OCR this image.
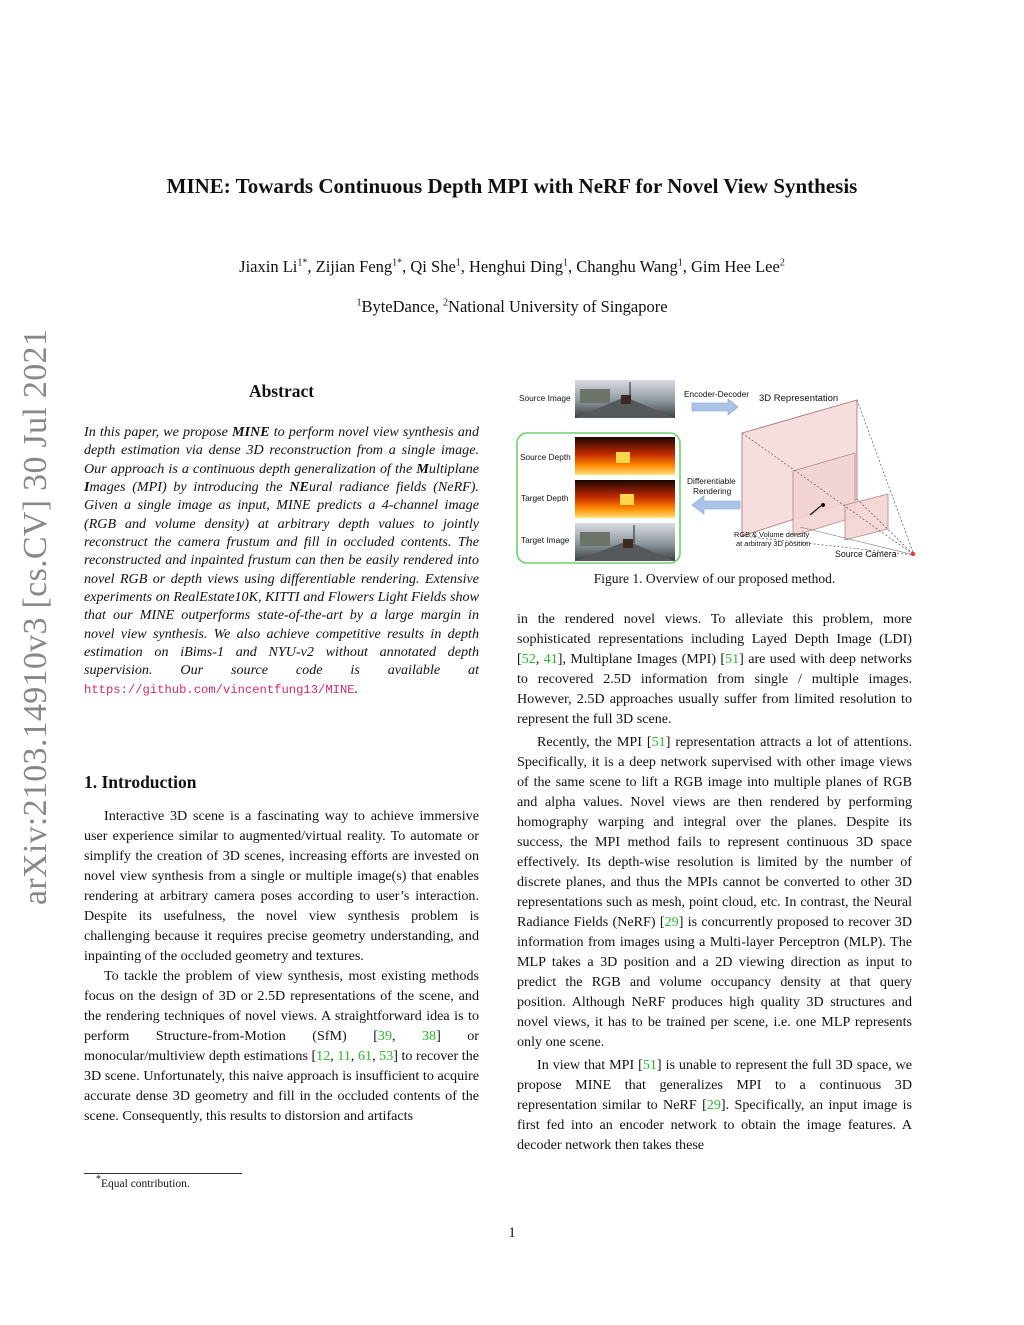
arXiv:2103.14910v3 [cs.CV] 30 Jul 2021
MINE: Towards Continuous Depth MPI with NeRF for Novel View Synthesis
Jiaxin $Li^{1*}$, Zijian Feng$^{1*}$, Qi She$^1$, Henghui Ding$^1$, Changhu Wang$^1$, Gim Hee Lee$^2$
$^1$ByteDance, $^2$National University of Singapore
Abstract
In this paper, we propose MINE to perform novel view synthesis and depth estimation via dense 3D reconstruction from a single image. Our approach is a continuous depth generalization of the Multiplane Images (MPI) by introducing the NEural radiance fields (NeRF). Given a single image as input, MINE predicts a 4-channel image (RGB and volume density) at arbitrary depth values to jointly reconstruct the camera frustum and fill in occluded contents. The reconstructed and inpainted frustum can then be easily rendered into novel RGB or depth views using differentiable rendering. Extensive experiments on RealEstate10K, KITTI and Flowers Light Fields show that our MINE outperforms state-of-the-art by a large margin in novel view synthesis. We also achieve competitive results in depth estimation on iBims-1 and NYU-v2 without annotated depth supervision. Our source code is available at https://github.com/vincentfung13/MINE.
1. Introduction

Interactive 3D scene is a fascinating way to achieve immersive user experience similar to augmented/virtual reality. To automate or simplify the creation of 3D scenes, increasing efforts are invested on novel view synthesis from a single or multiple image(s) that enables rendering at arbitrary camera poses according to user’s interaction. Despite its usefulness, the novel view synthesis problem is challenging because it requires precise geometry understanding, and inpainting of the occluded geometry and textures.

To tackle the problem of view synthesis, most existing methods focus on the design of 3D or 2.5D representations of the scene, and the rendering techniques of novel views. A straightforward idea is to perform Structure-from-Motion (SfM) [39, 38] or monocular/multiview depth estimations [12, 11, 61, 53] to recover the 3D scene. Unfortunately, this naive approach is insufficient to acquire accurate dense 3D geometry and fill in the occluded contents of the scene. Consequently, this results to distorsion and artifacts

*Equal contribution.
Source Image	Encoder-Decoder 3D Representation
Source Depth
Target Depth
Target Image
Differentiable
Rendering
RGB & Volume density
at arbitrary 3D position
Source Camera
Figure 1. Overview of our proposed method.

in the rendered novel views. To alleviate this problem, more sophisticated representations including Layed Depth Image (LDI) [52, 41], Multiplane Images (MPI) [51] are used with deep networks to recovered 2.5D information from single / multiple images. However, 2.5D approaches usually suffer from limited resolution to represent the full 3D scene.

Recently, the MPI [51] representation attracts a lot of attentions. Specifically, it is a deep network supervised with other image views of the same scene to lift a RGB image into multiple planes of RGB and alpha values. Novel views are then rendered by performing homography warping and integral over the planes. Despite its success, the MPI method fails to represent continuous 3D space effectively. Its depth-wise resolution is limited by the number of discrete planes, and thus the MPIs cannot be converted to other 3D representations such as mesh, point cloud, etc. In contrast, the Neural Radiance Fields (NeRF) [29] is concurrently proposed to recover 3D information from images using a Multi-layer Perceptron (MLP). The MLP takes a 3D position and a 2D viewing direction as input to predict the RGB and volume occupancy density at that query position. Although NeRF produces high quality 3D structures and novel views, it has to be trained per scene, i.e. one MLP represents only one scene.

In view that MPI [51] is unable to represent the full 3D space, we propose MINE that generalizes MPI to a continuous 3D representation similar to NeRF [29]. Specifically, an input image is first fed into an encoder network to obtain the image features. A decoder network then takes these

1
